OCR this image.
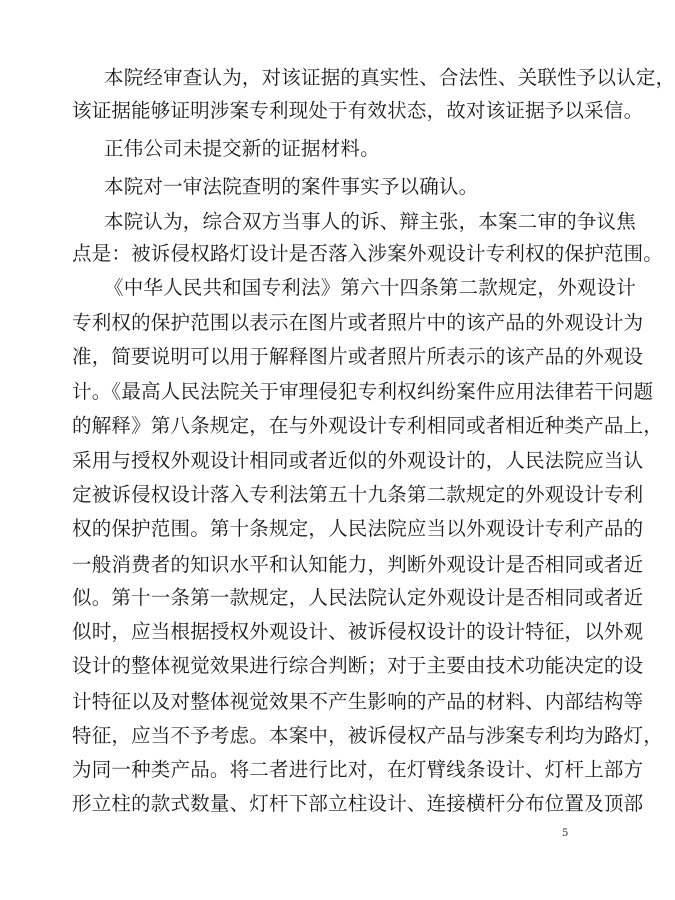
本院经审查认为，对该证据的真实性、合法性、关联性予以认定，
该证据能够证明涉案专利现处于有效状态，故对该证据予以采信。
正伟公司未提交新的证据材料。
本院对一审法院查明的案件事实予以确认。
本院认为，综合双方当事人的诉、辩主张，本案二审的争议焦
点是：被诉侵权路灯设计是否落入涉案外观设计专利权的保护范围。
《中华人民共和国专利法》第六十四条第二款规定，外观设计
专利权的保护范围以表示在图片或者照片中的该产品的外观设计为
准，简要说明可以用于解释图片或者照片所表示的该产品的外观设
计。《最高人民法院关于审理侵犯专利权纠纷案件应用法律若干问题
的解释》第八条规定，在与外观设计专利相同或者相近种类产品上，
采用与授权外观设计相同或者近似的外观设计的，人民法院应当认
定被诉侵权设计落入专利法第五十九条第二款规定的外观设计专利
权的保护范围。第十条规定，人民法院应当以外观设计专利产品的
一般消费者的知识水平和认知能力，判断外观设计是否相同或者近
似。第十一条第一款规定，人民法院认定外观设计是否相同或者近
似时，应当根据授权外观设计、被诉侵权设计的设计特征，以外观
设计的整体视觉效果进行综合判断；对于主要由技术功能决定的设
计特征以及对整体视觉效果不产生影响的产品的材料、内部结构等
特征，应当不予考虑。本案中，被诉侵权产品与涉案专利均为路灯，
为同一种类产品。将二者进行比对，在灯臂线条设计、灯杆上部方
形立柱的款式数量、灯杆下部立柱设计、连接横杆分布位置及顶部
5
